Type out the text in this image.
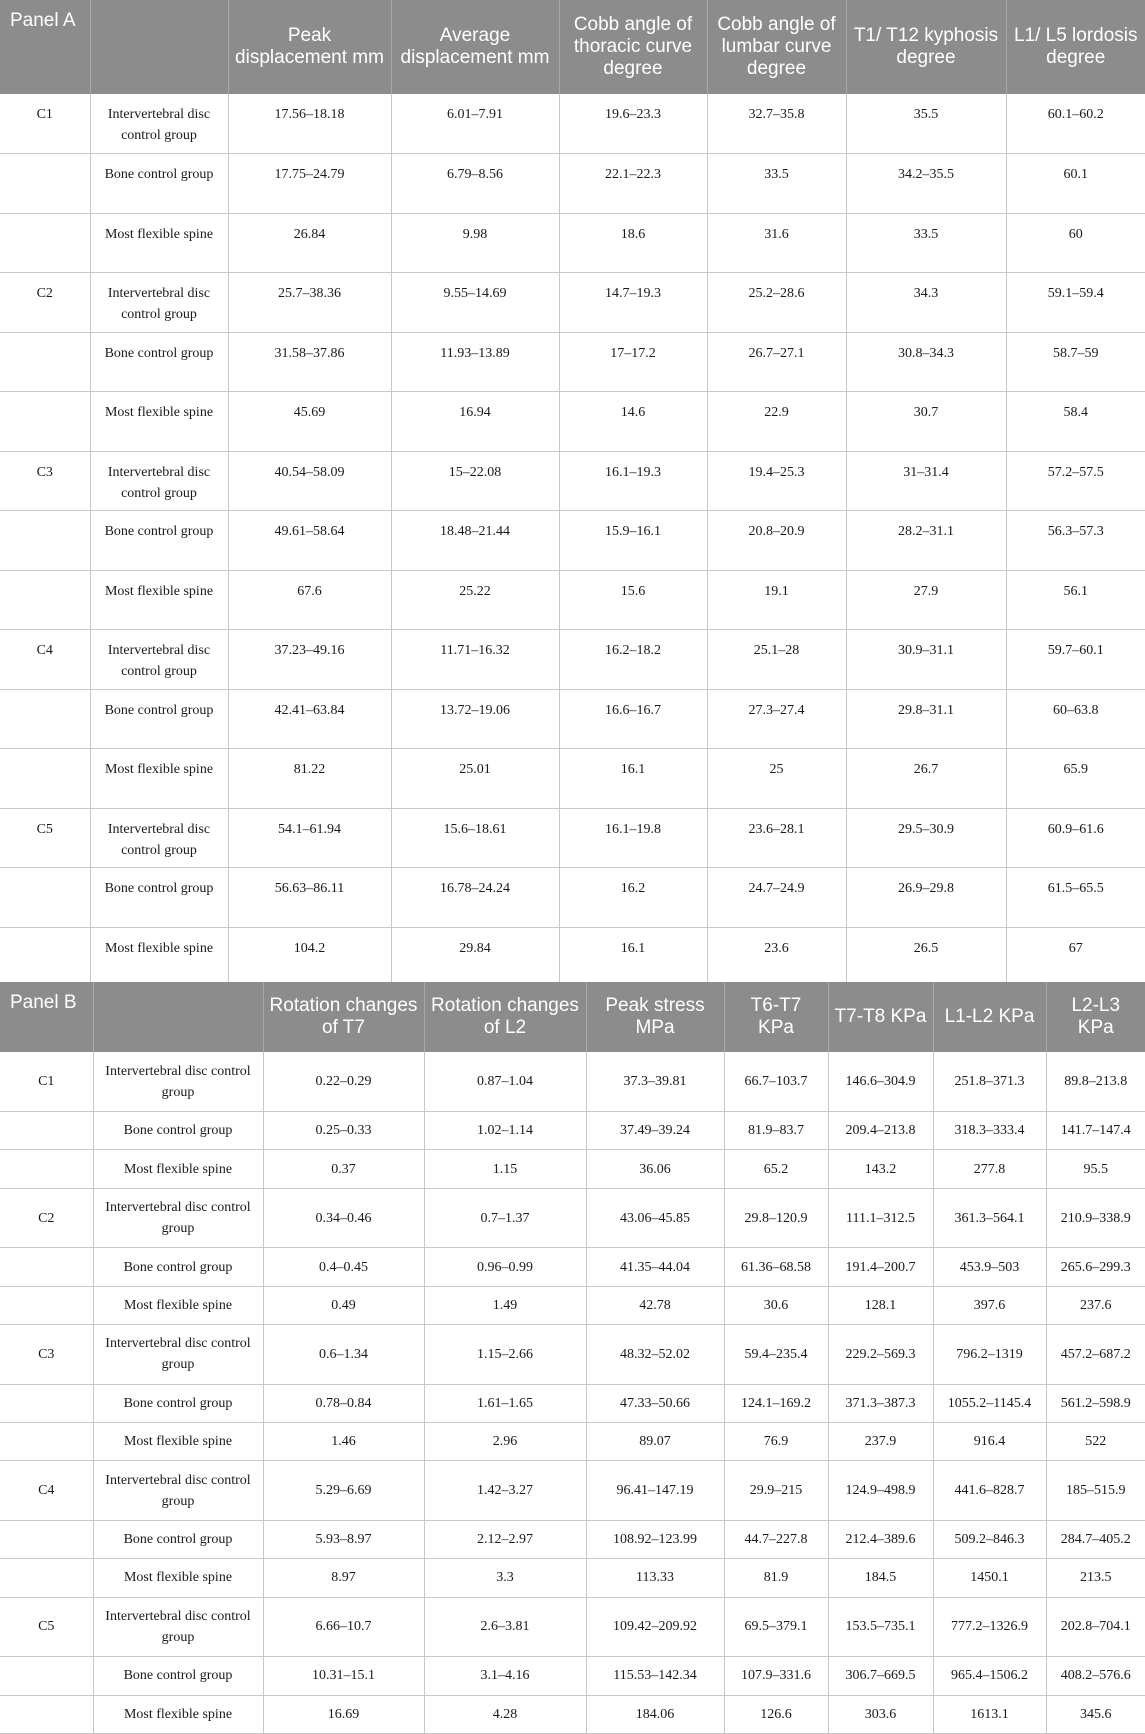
Panel A		Peak displacement mm	Average displacement mm	Cobb angle of thoracic curve degree	Cobb angle of lumbar curve degree	T1/ T12 kyphosis degree	L1/ L5 lordosis degree
C1	Intervertebral disc control group	17.56–18.18	6.01–7.91	19.6–23.3	32.7–35.8	35.5	60.1–60.2
	Bone control group	17.75–24.79	6.79–8.56	22.1–22.3	33.5	34.2–35.5	60.1
	Most flexible spine	26.84	9.98	18.6	31.6	33.5	60
C2	Intervertebral disc control group	25.7–38.36	9.55–14.69	14.7–19.3	25.2–28.6	34.3	59.1–59.4
	Bone control group	31.58–37.86	11.93–13.89	17–17.2	26.7–27.1	30.8–34.3	58.7–59
	Most flexible spine	45.69	16.94	14.6	22.9	30.7	58.4
C3	Intervertebral disc control group	40.54–58.09	15–22.08	16.1–19.3	19.4–25.3	31–31.4	57.2–57.5
	Bone control group	49.61–58.64	18.48–21.44	15.9–16.1	20.8–20.9	28.2–31.1	56.3–57.3
	Most flexible spine	67.6	25.22	15.6	19.1	27.9	56.1
C4	Intervertebral disc control group	37.23–49.16	11.71–16.32	16.2–18.2	25.1–28	30.9–31.1	59.7–60.1
	Bone control group	42.41–63.84	13.72–19.06	16.6–16.7	27.3–27.4	29.8–31.1	60–63.8
	Most flexible spine	81.22	25.01	16.1	25	26.7	65.9
C5	Intervertebral disc control group	54.1–61.94	15.6–18.61	16.1–19.8	23.6–28.1	29.5–30.9	60.9–61.6
	Bone control group	56.63–86.11	16.78–24.24	16.2	24.7–24.9	26.9–29.8	61.5–65.5
	Most flexible spine	104.2	29.84	16.1	23.6	26.5	67
Panel B		Rotation changes of T7	Rotation changes of L2	Peak stress MPa	T6-T7 KPa	T7-T8 KPa	L1-L2 KPa	L2-L3 KPa
C1	Intervertebral disc control group	0.22–0.29	0.87–1.04	37.3–39.81	66.7–103.7	146.6–304.9	251.8–371.3	89.8–213.8
	Bone control group	0.25–0.33	1.02–1.14	37.49–39.24	81.9–83.7	209.4–213.8	318.3–333.4	141.7–147.4
	Most flexible spine	0.37	1.15	36.06	65.2	143.2	277.8	95.5
C2	Intervertebral disc control group	0.34–0.46	0.7–1.37	43.06–45.85	29.8–120.9	111.1–312.5	361.3–564.1	210.9–338.9
	Bone control group	0.4–0.45	0.96–0.99	41.35–44.04	61.36–68.58	191.4–200.7	453.9–503	265.6–299.3
	Most flexible spine	0.49	1.49	42.78	30.6	128.1	397.6	237.6
C3	Intervertebral disc control group	0.6–1.34	1.15–2.66	48.32–52.02	59.4–235.4	229.2–569.3	796.2–1319	457.2–687.2
	Bone control group	0.78–0.84	1.61–1.65	47.33–50.66	124.1–169.2	371.3–387.3	1055.2–1145.4	561.2–598.9
	Most flexible spine	1.46	2.96	89.07	76.9	237.9	916.4	522
C4	Intervertebral disc control group	5.29–6.69	1.42–3.27	96.41–147.19	29.9–215	124.9–498.9	441.6–828.7	185–515.9
	Bone control group	5.93–8.97	2.12–2.97	108.92–123.99	44.7–227.8	212.4–389.6	509.2–846.3	284.7–405.2
	Most flexible spine	8.97	3.3	113.33	81.9	184.5	1450.1	213.5
C5	Intervertebral disc control group	6.66–10.7	2.6–3.81	109.42–209.92	69.5–379.1	153.5–735.1	777.2–1326.9	202.8–704.1
	Bone control group	10.31–15.1	3.1–4.16	115.53–142.34	107.9–331.6	306.7–669.5	965.4–1506.2	408.2–576.6
	Most flexible spine	16.69	4.28	184.06	126.6	303.6	1613.1	345.6
